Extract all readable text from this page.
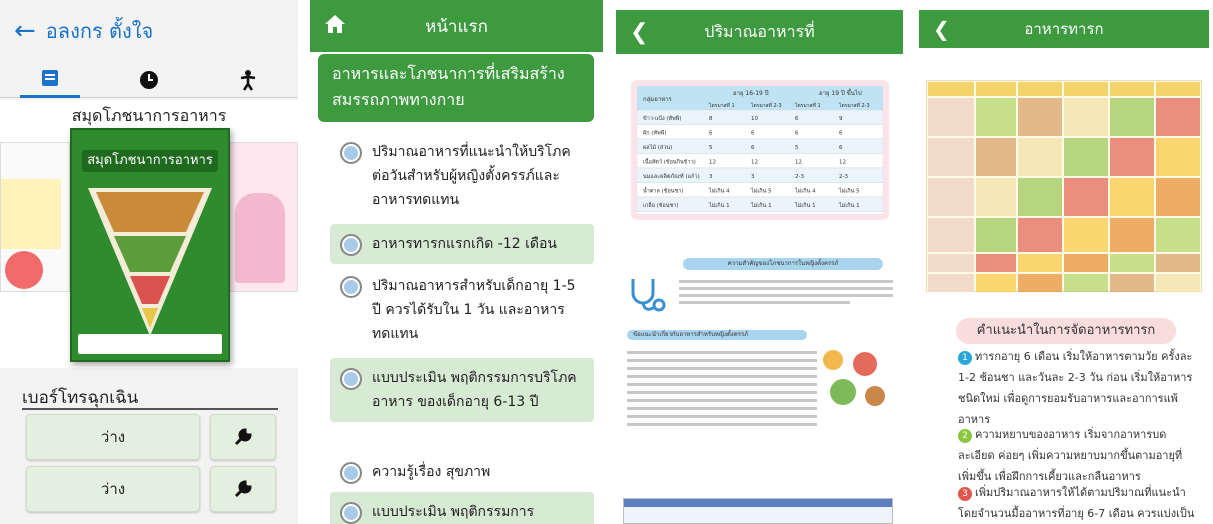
← อลงกร ตั้งใจ
สมุดโภชนาการอาหาร
สมุดโภชนาการอาหาร
เบอร์โทรฉุกเฉิน
ว่าง
ว่าง
หน้าแรก
อาหารและโภชนาการที่เสริมสร้างสมรรถภาพทางกาย
ปริมาณอาหารที่แนะนำให้บริโภคต่อวันสำหรับผู้หญิงตั้งครรภ์และอาหารทดแทน
อาหารทารกแรกเกิด -12 เดือน
ปริมาณอาหารสำหรับเด็กอายุ 1-5 ปี ควรได้รับใน 1 วัน และอาหารทดแทน
แบบประเมิน พฤติกรรมการบริโภคอาหาร ของเด็กอายุ 6-13 ปี
ความรู้เรื่อง สุขภาพ
แบบประเมิน พฤติกรรมการ
❮	ปริมาณอาหารที่
กลุ่มอาหาร
อายุ 16-19 ปี	อายุ 19 ปี ขึ้นไป
ไตรมาสที่ 1	ไตรมาสที่ 2-3	ไตรมาสที่ 1	ไตรมาสที่ 2-3
ข้าว-แป้ง (ทัพพี)	8	10	6	9
ผัก (ทัพพี)	6	6	6	6
ผลไม้ (ส่วน)	5	6	5	6
เนื้อสัตว์ (ช้อนกินข้าว) 12	12	12	12
นมและผลิตภัณฑ์ (แก้ว) 3	3	2-3	2-3
น้ำตาล (ช้อนชา)	ไม่เกิน 4	ไม่เกิน 5	ไม่เกิน 4	ไม่เกิน 5
เกลือ (ช้อนชา)	ไม่เกิน 1	ไม่เกิน 1	ไม่เกิน 1	ไม่เกิน 1
ความสำคัญของโภชนาการในหญิงตั้งครรภ์
ข้อแนะนำเกี่ยวกับอาหารสำหรับหญิงตั้งครรภ์
❮	อาหารทารก
คำแนะนำในการจัดอาหารทารก
1 ทารกอายุ 6 เดือน เริ่มให้อาหารตามวัย ครั้งละ 1-2 ช้อนชา และวันละ 2-3 วัน ก่อน เริ่มให้อาหารชนิดใหม่ เพื่อดูการยอมรับอาหารและอาการแพ้อาหาร
2 ความหยาบของอาหาร เริ่มจากอาหารบดละเอียด ค่อยๆ เพิ่มความหยาบมากขึ้นตามอายุที่เพิ่มขึ้น เพื่อฝึกการเคี้ยวและกลืนอาหาร
3 เพิ่มปริมาณอาหารให้ได้ตามปริมาณที่แนะนำ โดยจำนวนมื้ออาหารที่อายุ 6-7 เดือน ควรแบ่งเป็น
